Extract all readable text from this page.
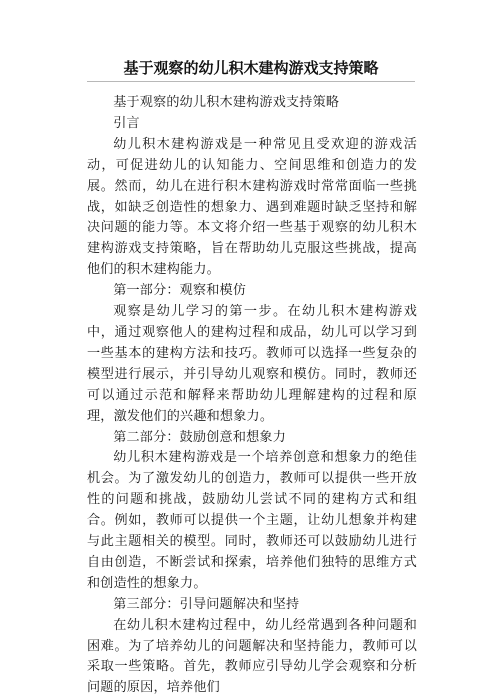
基于观察的幼儿积木建构游戏支持策略

基于观察的幼儿积木建构游戏支持策略

引言

幼儿积木建构游戏是一种常见且受欢迎的游戏活动，可促进幼儿的认知能力、空间思维和创造力的发展。然而，幼儿在进行积木建构游戏时常常面临一些挑战，如缺乏创造性的想象力、遇到难题时缺乏坚持和解决问题的能力等。本文将介绍一些基于观察的幼儿积木建构游戏支持策略，旨在帮助幼儿克服这些挑战，提高他们的积木建构能力。

第一部分：观察和模仿

观察是幼儿学习的第一步。在幼儿积木建构游戏中，通过观察他人的建构过程和成品，幼儿可以学习到一些基本的建构方法和技巧。教师可以选择一些复杂的模型进行展示，并引导幼儿观察和模仿。同时，教师还可以通过示范和解释来帮助幼儿理解建构的过程和原理，激发他们的兴趣和想象力。

第二部分：鼓励创意和想象力

幼儿积木建构游戏是一个培养创意和想象力的绝佳机会。为了激发幼儿的创造力，教师可以提供一些开放性的问题和挑战，鼓励幼儿尝试不同的建构方式和组合。例如，教师可以提供一个主题，让幼儿想象并构建与此主题相关的模型。同时，教师还可以鼓励幼儿进行自由创造，不断尝试和探索，培养他们独特的思维方式和创造性的想象力。

第三部分：引导问题解决和坚持

在幼儿积木建构过程中，幼儿经常遇到各种问题和困难。为了培养幼儿的问题解决和坚持能力，教师可以采取一些策略。首先，教师应引导幼儿学会观察和分析问题的原因，培养他们
